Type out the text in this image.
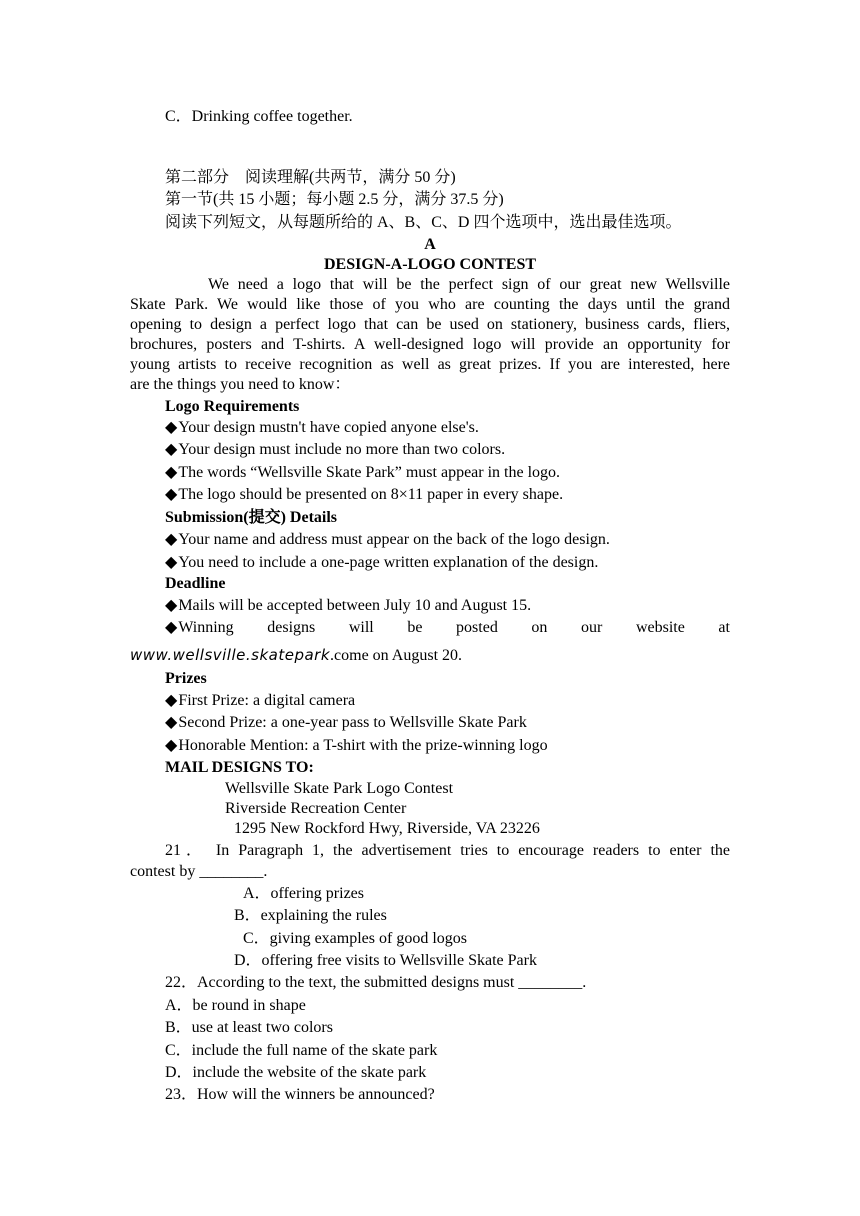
C．Drinking coffee together.
第二部分　阅读理解(共两节，满分 50 分)
第一节(共 15 小题；每小题 2.5 分，满分 37.5 分)
阅读下列短文，从每题所给的 A、B、C、D 四个选项中，选出最佳选项。
A
DESIGN-A-LOGO CONTEST
We need a logo that will be the perfect sign of our great new Wellsville
Skate Park. We would like those of you who are counting the days until the grand
opening to design a perfect logo that can be used on stationery, business cards, fliers,
brochures, posters and T-shirts. A well-designed logo will provide an opportunity for
young artists to receive recognition as well as great prizes. If you are interested, here
are the things you need to know：
Logo Requirements
◆Your design mustn't have copied anyone else's.
◆Your design must include no more than two colors.
◆The words “Wellsville Skate Park” must appear in the logo.
◆The logo should be presented on 8×11 paper in every shape.
Submission(提交) Details
◆Your name and address must appear on the back of the logo design.
◆You need to include a one-page written explanation of the design.
Deadline
◆Mails will be accepted between July 10 and August 15.
◆Winning designs will be posted on our website at
www.wellsville.skatepark.come on August 20.
Prizes
◆First Prize: a digital camera
◆Second Prize: a one-year pass to Wellsville Skate Park
◆Honorable Mention: a T-shirt with the prize-winning logo
MAIL DESIGNS TO:
Wellsville Skate Park Logo Contest
Riverside Recreation Center
1295 New Rockford Hwy, Riverside, VA 23226
21． In Paragraph 1, the advertisement tries to encourage readers to enter the
contest by ________.
A．offering prizes
B．explaining the rules
C．giving examples of good logos
D．offering free visits to Wellsville Skate Park
22．According to the text, the submitted designs must ________.
A．be round in shape
B．use at least two colors
C．include the full name of the skate park
D．include the website of the skate park
23．How will the winners be announced?
